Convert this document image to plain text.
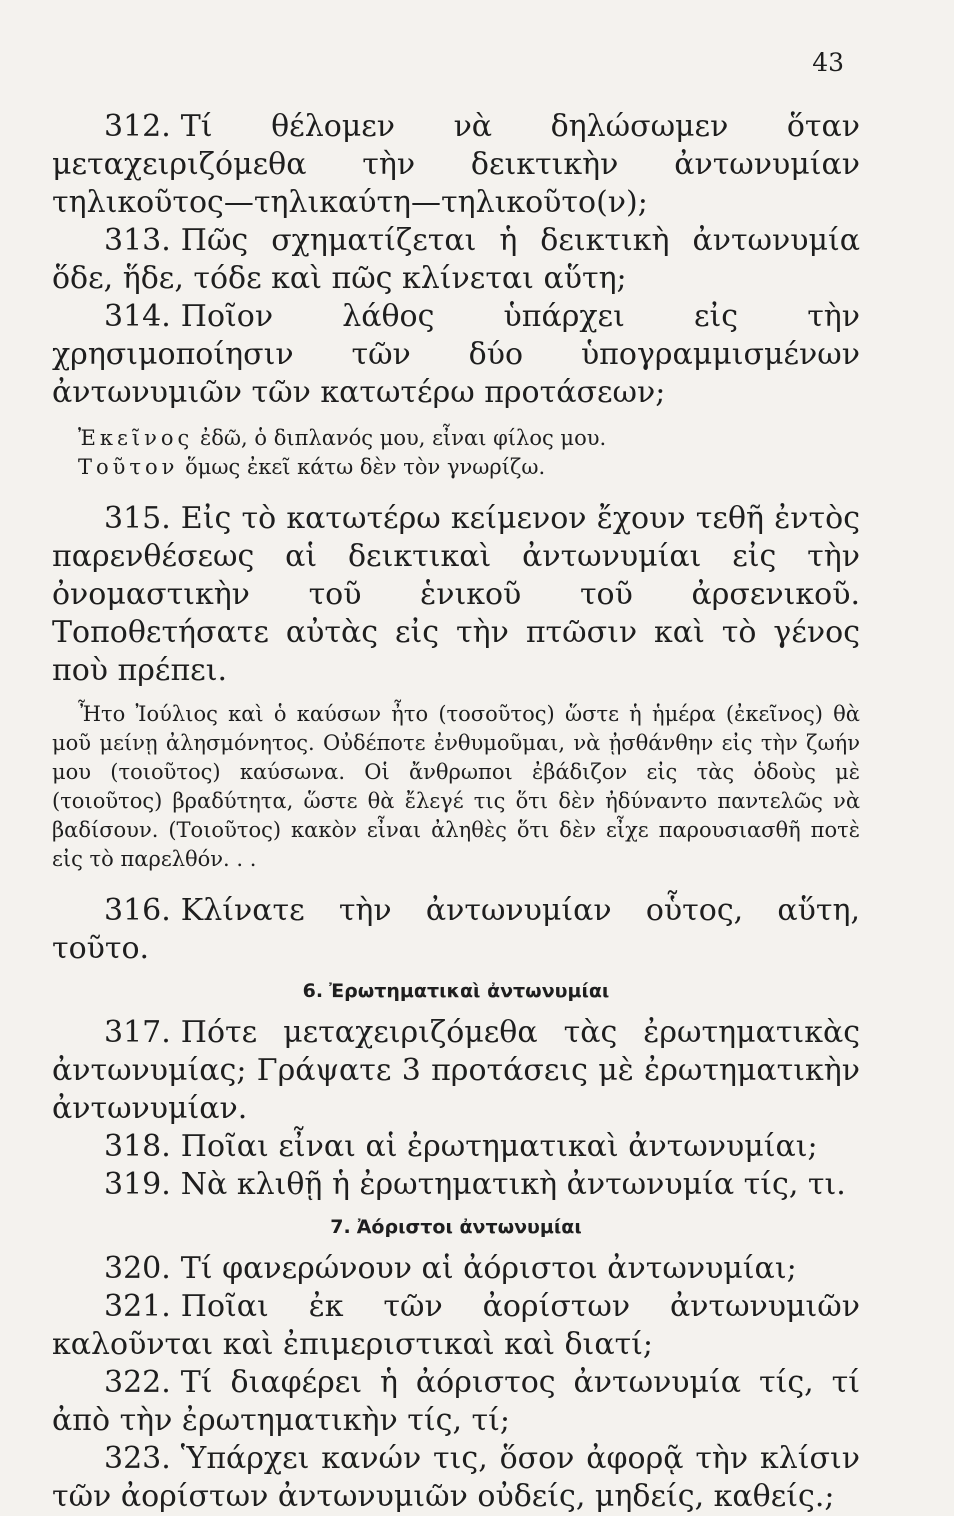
43

312. Τί θέλομεν νὰ δηλώσωμεν ὅταν μεταχειριζόμεθα τὴν δεικτικὴν ἀντωνυμίαν τηλικοῦτος—τηλικαύτη—τηλικοῦτο(ν);

313. Πῶς σχηματίζεται ἡ δεικτικὴ ἀντωνυμία ὅδε, ἥδε, τόδε καὶ πῶς κλίνεται αὕτη;

314. Ποῖον λάθος ὑπάρχει εἰς τὴν χρησιμοποίησιν τῶν δύο ὑπογραμμισμένων ἀντωνυμιῶν τῶν κατωτέρω προτάσεων;

Ἐκεῖνος ἐδῶ, ὁ διπλανός μου, εἶναι φίλος μου.

Τοῦτον ὅμως ἐκεῖ κάτω δὲν τὸν γνωρίζω.

315. Εἰς τὸ κατωτέρω κείμενον ἔχουν τεθῆ ἐντὸς παρενθέσεως αἱ δεικτικαὶ ἀντωνυμίαι εἰς τὴν ὀνομαστικὴν τοῦ ἑνικοῦ τοῦ ἀρσενικοῦ. Τοποθετήσατε αὐτὰς εἰς τὴν πτῶσιν καὶ τὸ γένος ποὺ πρέπει.

Ἦτο Ἰούλιος καὶ ὁ καύσων ἦτο (τοσοῦτος) ὥστε ἡ ἡμέρα (ἐκεῖνος) θὰ μοῦ μείνῃ ἀλησμόνητος. Οὐδέποτε ἐνθυμοῦμαι, νὰ ᾐσθάνθην εἰς τὴν ζωήν μου (τοιοῦτος) καύσωνα. Οἱ ἄνθρωποι ἐβάδιζον εἰς τὰς ὁδοὺς μὲ (τοιοῦτος) βραδύτητα, ὥστε θὰ ἔλεγέ τις ὅτι δὲν ἠδύναντο παντελῶς νὰ βαδίσουν. (Τοιοῦτος) κακὸν εἶναι ἀληθὲς ὅτι δὲν εἶχε παρουσιασθῆ ποτὲ εἰς τὸ παρελθόν. . .

316. Κλίνατε τὴν ἀντωνυμίαν οὗτος, αὕτη, τοῦτο.

6. Ἐρωτηματικαὶ ἀντωνυμίαι

317. Πότε μεταχειριζόμεθα τὰς ἐρωτηματικὰς ἀντωνυμίας; Γράψατε 3 προτάσεις μὲ ἐρωτηματικὴν ἀντωνυμίαν.

318. Ποῖαι εἶναι αἱ ἐρωτηματικαὶ ἀντωνυμίαι;

319. Νὰ κλιθῇ ἡ ἐρωτηματικὴ ἀντωνυμία τίς, τι.

7. Ἀόριστοι ἀντωνυμίαι

320. Τί φανερώνουν αἱ ἀόριστοι ἀντωνυμίαι;

321. Ποῖαι ἐκ τῶν ἀορίστων ἀντωνυμιῶν καλοῦνται καὶ ἐπιμεριστικαὶ καὶ διατί;

322. Τί διαφέρει ἡ ἀόριστος ἀντωνυμία τίς, τί ἀπὸ τὴν ἐρωτηματικὴν τίς, τί;

323. Ὑπάρχει κανών τις, ὅσον ἀφορᾷ τὴν κλίσιν τῶν ἀορίστων ἀντωνυμιῶν οὐδείς, μηδείς, καθείς.;
